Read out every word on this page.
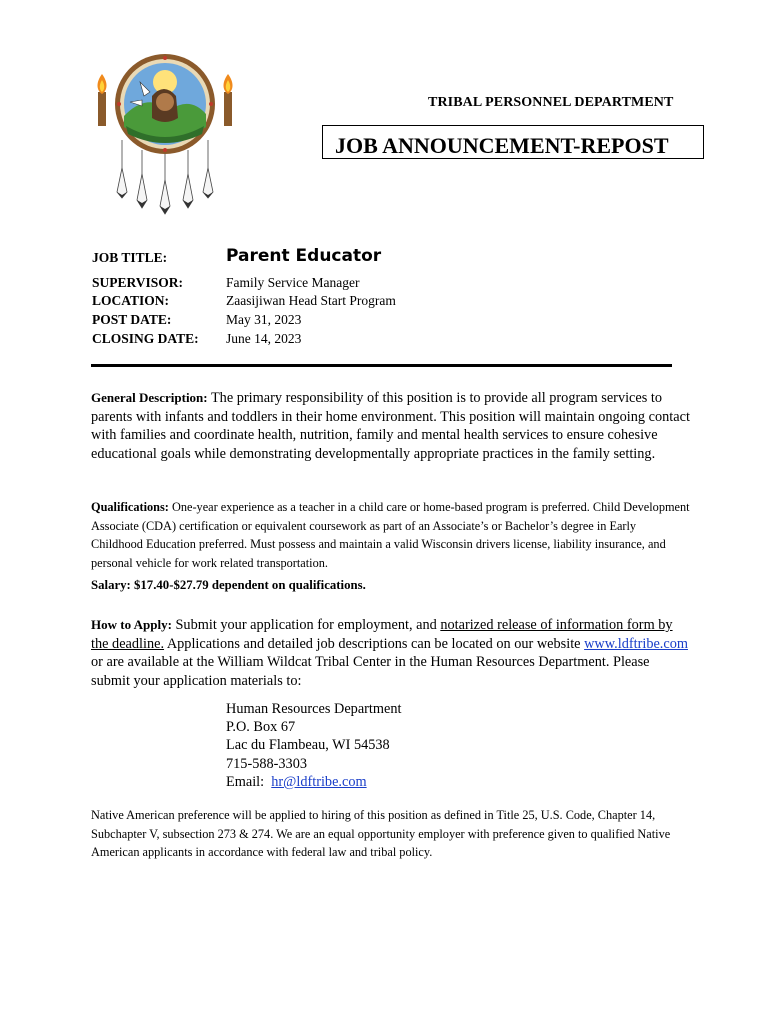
TRIBAL PERSONNEL DEPARTMENT
JOB ANNOUNCEMENT-REPOST
JOB TITLE:	Parent Educator
SUPERVISOR:	Family Service Manager
LOCATION:	Zaasijiwan Head Start Program
POST DATE:	May 31, 2023
CLOSING DATE: June 14, 2023
General Description: The primary responsibility of this position is to provide all program services to parents with infants and toddlers in their home environment. This position will maintain ongoing contact with families and coordinate health, nutrition, family and mental health services to ensure cohesive educational goals while demonstrating developmentally appropriate practices in the family setting.
Qualifications: One-year experience as a teacher in a child care or home-based program is preferred. Child Development Associate (CDA) certification or equivalent coursework as part of an Associate’s or Bachelor’s degree in Early Childhood Education preferred. Must possess and maintain a valid Wisconsin drivers license, liability insurance, and personal vehicle for work related transportation.
Salary: $17.40-$27.79 dependent on qualifications.
How to Apply: Submit your application for employment, and notarized release of information form by the deadline. Applications and detailed job descriptions can be located on our website www.ldftribe.com or are available at the William Wildcat Tribal Center in the Human Resources Department. Please submit your application materials to:
Human Resources Department
P.O. Box 67
Lac du Flambeau, WI 54538
715-588-3303
Email:  hr@ldftribe.com
Native American preference will be applied to hiring of this position as defined in Title 25, U.S. Code, Chapter 14, Subchapter V, subsection 273 & 274. We are an equal opportunity employer with preference given to qualified Native American applicants in accordance with federal law and tribal policy.
